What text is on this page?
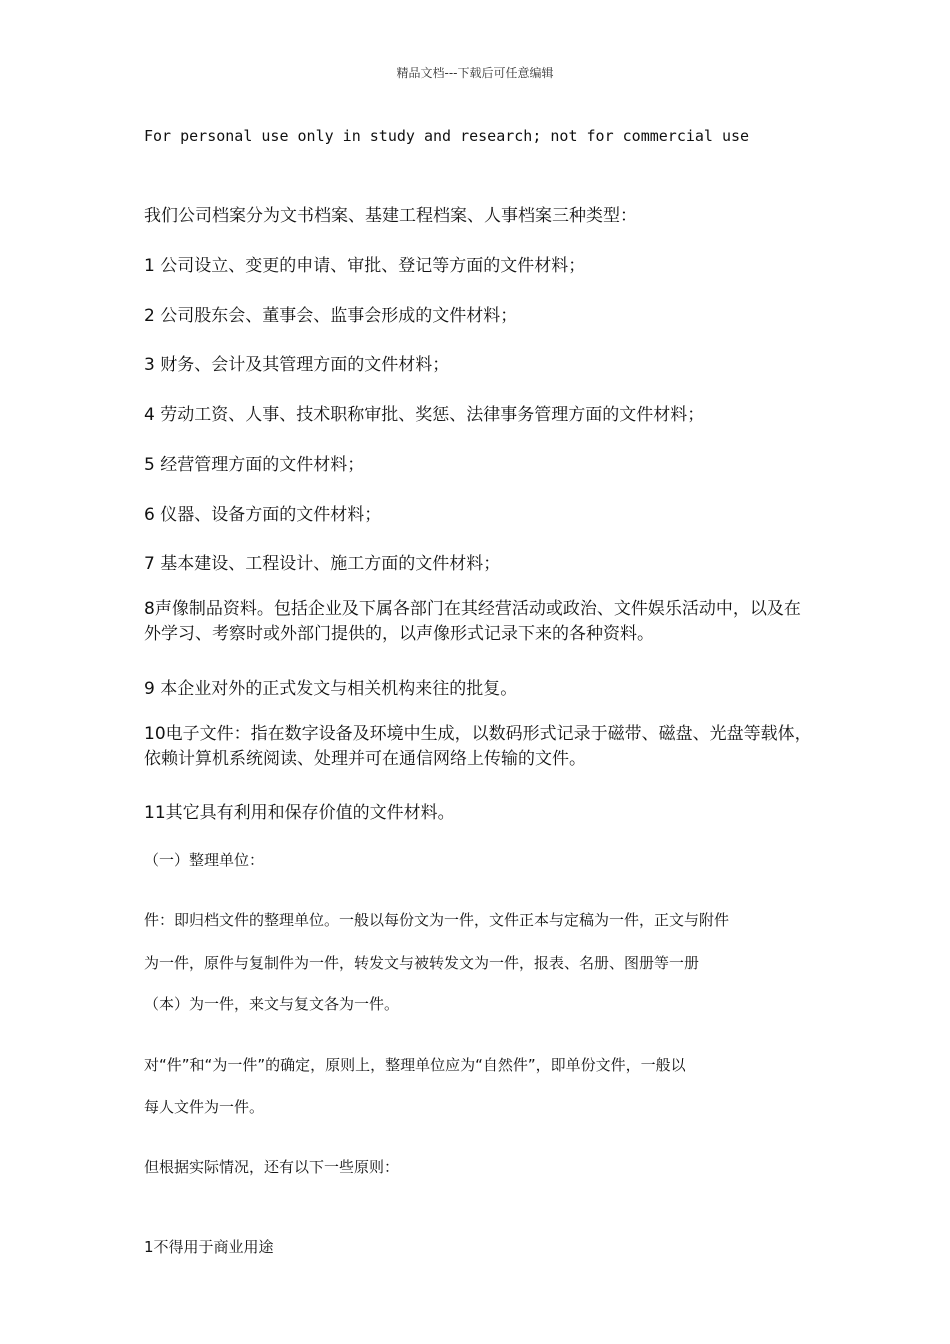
精品文档---下载后可任意编辑
For personal use only in study and research; not for commercial use
我们公司档案分为文书档案、基建工程档案、人事档案三种类型：
1 公司设立、变更的申请、审批、登记等方面的文件材料；
2 公司股东会、董事会、监事会形成的文件材料；
3 财务、会计及其管理方面的文件材料；
4 劳动工资、人事、技术职称审批、奖惩、法律事务管理方面的文件材料；
5 经营管理方面的文件材料；
6 仪器、设备方面的文件材料；
7 基本建设、工程设计、施工方面的文件材料；
8声像制品资料。包括企业及下属各部门在其经营活动或政治、文件娱乐活动中，以及在外学习、考察时或外部门提供的，以声像形式记录下来的各种资料。
9 本企业对外的正式发文与相关机构来往的批复。
10电子文件：指在数字设备及环境中生成，以数码形式记录于磁带、磁盘、光盘等载体，依赖计算机系统阅读、处理并可在通信网络上传输的文件。
11其它具有利用和保存价值的文件材料。
（一）整理单位：
件：即归档文件的整理单位。一般以每份文为一件，文件正本与定稿为一件，正文与附件
为一件，原件与复制件为一件，转发文与被转发文为一件，报表、名册、图册等一册
（本）为一件，来文与复文各为一件。
对“件”和“为一件”的确定，原则上，整理单位应为“自然件”，即单份文件，一般以
每人文件为一件。
但根据实际情况，还有以下一些原则：
1不得用于商业用途
